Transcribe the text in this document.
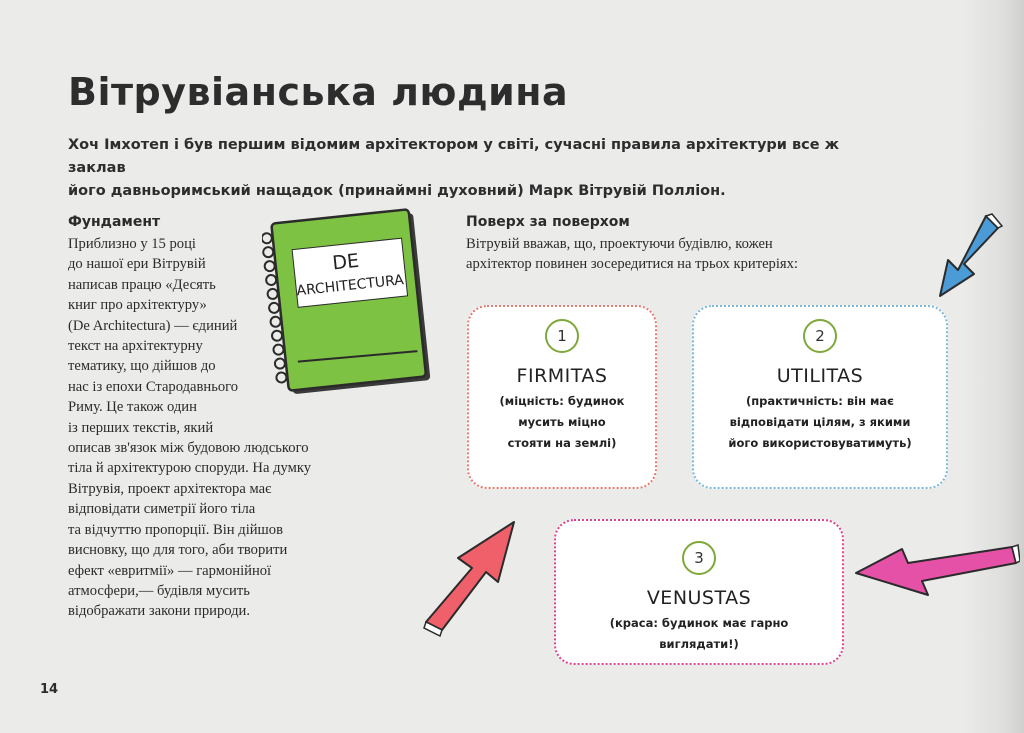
Вітрувіанська людина
Хоч Імхотеп і був першим відомим архітектором у світі, сучасні правила архітектури все ж заклав
його давньоримський нащадок (принаймні духовний) Марк Вітрувій Полліон.
Фундамент
Приблизно у 15 році
до нашої ери Вітрувій
написав працю «Десять
книг про архітектуру»
(De Architectura) — єдиний
текст на архітектурну
тематику, що дійшов до
нас із епохи Стародавнього
Риму. Це також один
із перших текстів, який
описав зв'язок між будовою людського
тіла й архітектурою споруди. На думку
Вітрувія, проект архітектора має
відповідати симетрії його тіла
та відчуттю пропорції. Він дійшов
висновку, що для того, аби творити
ефект «евритмії» — гармонійної
атмосфери,— будівля мусить
відображати закони природи.
DE
ARCHITECTURA
Поверх за поверхом
Вітрувій вважав, що, проектуючи будівлю, кожен
архітектор повинен зосередитися на трьох критеріях:
1
FIRMITAS
(міцність: будинок
мусить міцно
стояти на землі)
2
UTILITAS
(практичність: він має
відповідати цілям, з якими
його використовуватимуть)
3
VENUSTAS
(краса: будинок має гарно
виглядати!)
14
